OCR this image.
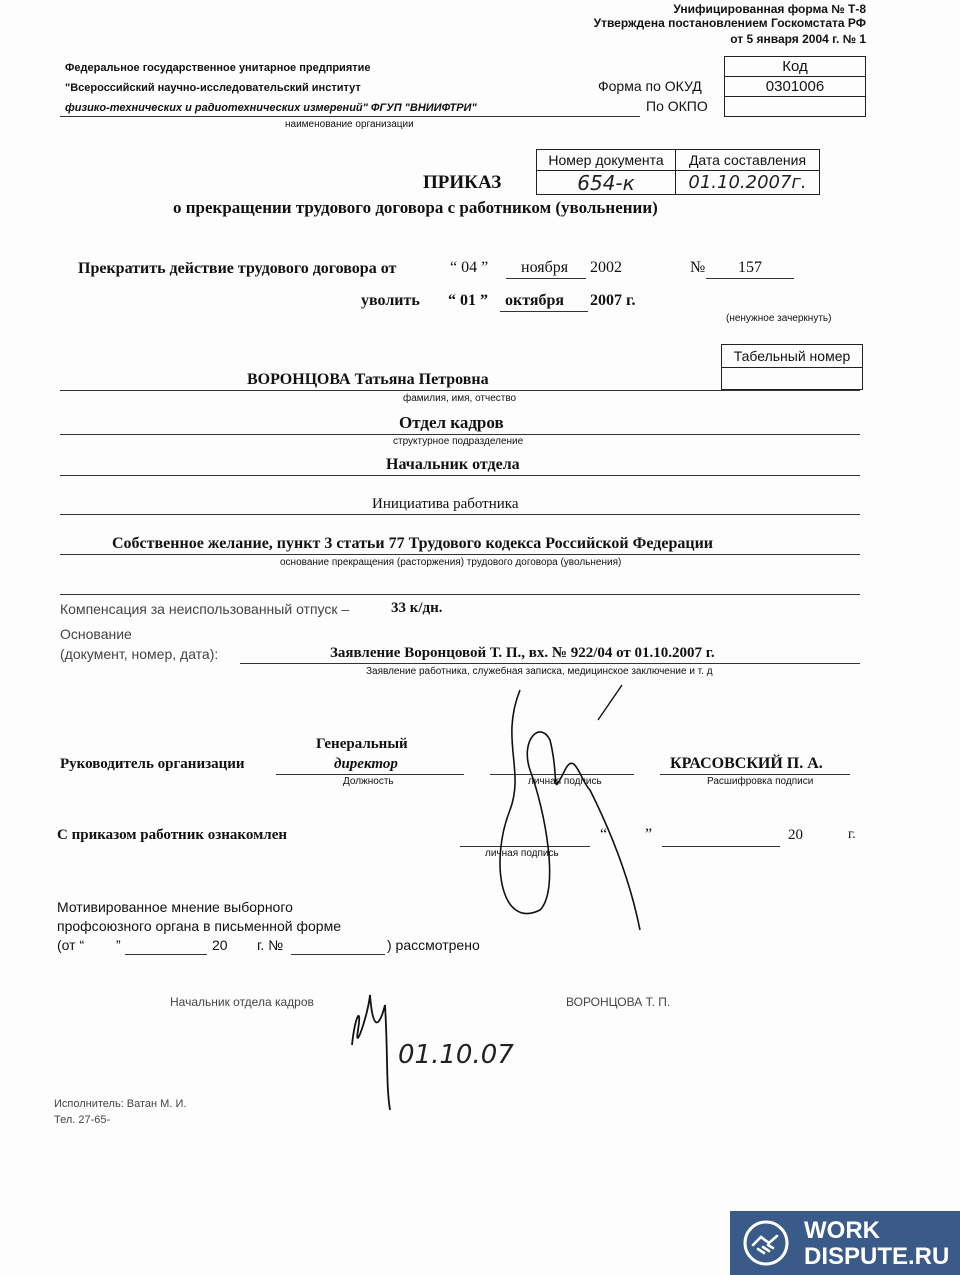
Унифицированная форма № Т-8
Утверждена постановлением Госкомстата РФ
от 5 января 2004 г. № 1
Федеральное государственное унитарное предприятие
"Всероссийский научно-исследовательский институт
физико-технических и радиотехнических измерений" ФГУП "ВНИИФТРИ"
наименование организации
Форма по ОКУД
По ОКПО
Код
0301006
Номер документа	Дата составления
654-к	01.10.2007г.
ПРИКАЗ
о прекращении трудового договора с работником (увольнении)
Прекратить действие трудового договора от	“ 04 ” ноября 2002	№ 157
уволить “ 01 ” октября 2007 г.
(ненужное зачеркнуть)
Табельный номер
ВОРОНЦОВА Татьяна Петровна
фамилия, имя, отчество
Отдел кадров
структурное подразделение
Начальник отдела
Инициатива работника
Собственное желание, пункт 3 статьи 77 Трудового кодекса Российской Федерации
основание прекращения (расторжения) трудового договора (увольнения)
Компенсация за неиспользованный отпуск –	33 к/дн.
Основание
(документ, номер, дата):	Заявление Воронцовой Т. П., вх. № 922/04 от 01.10.2007 г.
Заявление работника, служебная записка, медицинское заключение и т. д
Руководитель организации
Генеральный
директор
Должность	личная подпись
КРАСОВСКИЙ П. А.
Расшифровка подписи
С приказом работник ознакомлен
личная подпись
“ ”	20	г.
Мотивированное мнение выборного
профсоюзного органа в письменной форме
(от “ ”	20 г. №	) рассмотрено
Начальник отдела кадров	ВОРОНЦОВА Т. П.
01.10.07
Исполнитель: Ватан М. И.
Тел. 27-65-
WORK
DISPUTE.RU
